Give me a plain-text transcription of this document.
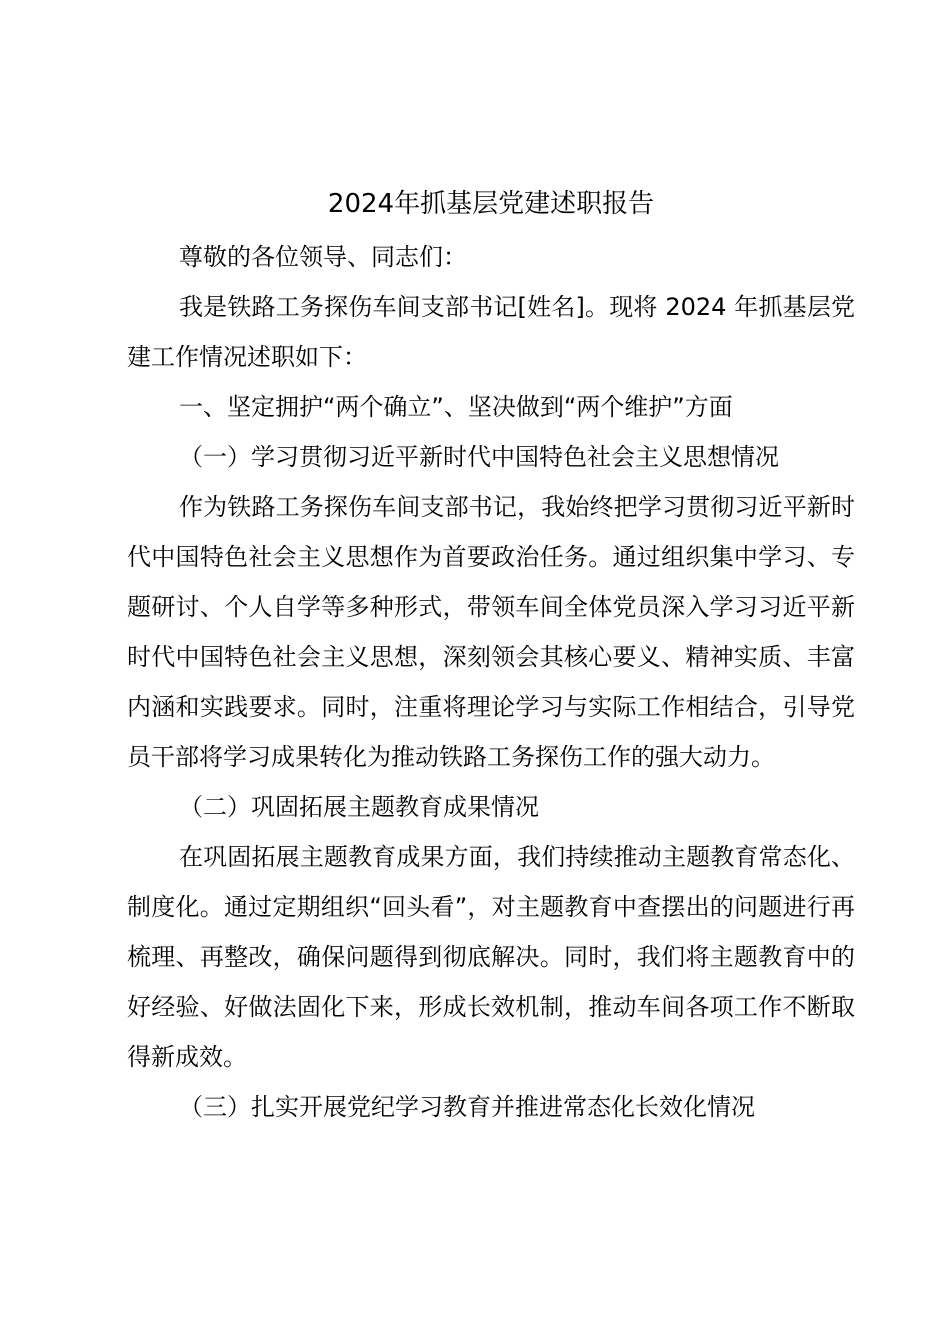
2024年抓基层党建述职报告

尊敬的各位领导、同志们：

我是铁路工务探伤车间支部书记[姓名]。现将 2024 年抓基层党建工作情况述职如下：

一、坚定拥护“两个确立”、坚决做到“两个维护”方面

（一）学习贯彻习近平新时代中国特色社会主义思想情况

作为铁路工务探伤车间支部书记，我始终把学习贯彻习近平新时代中国特色社会主义思想作为首要政治任务。通过组织集中学习、专题研讨、个人自学等多种形式，带领车间全体党员深入学习习近平新时代中国特色社会主义思想，深刻领会其核心要义、精神实质、丰富内涵和实践要求。同时，注重将理论学习与实际工作相结合，引导党员干部将学习成果转化为推动铁路工务探伤工作的强大动力。

（二）巩固拓展主题教育成果情况

在巩固拓展主题教育成果方面，我们持续推动主题教育常态化、制度化。通过定期组织“回头看”，对主题教育中查摆出的问题进行再梳理、再整改，确保问题得到彻底解决。同时，我们将主题教育中的好经验、好做法固化下来，形成长效机制，推动车间各项工作不断取得新成效。

（三）扎实开展党纪学习教育并推进常态化长效化情况
